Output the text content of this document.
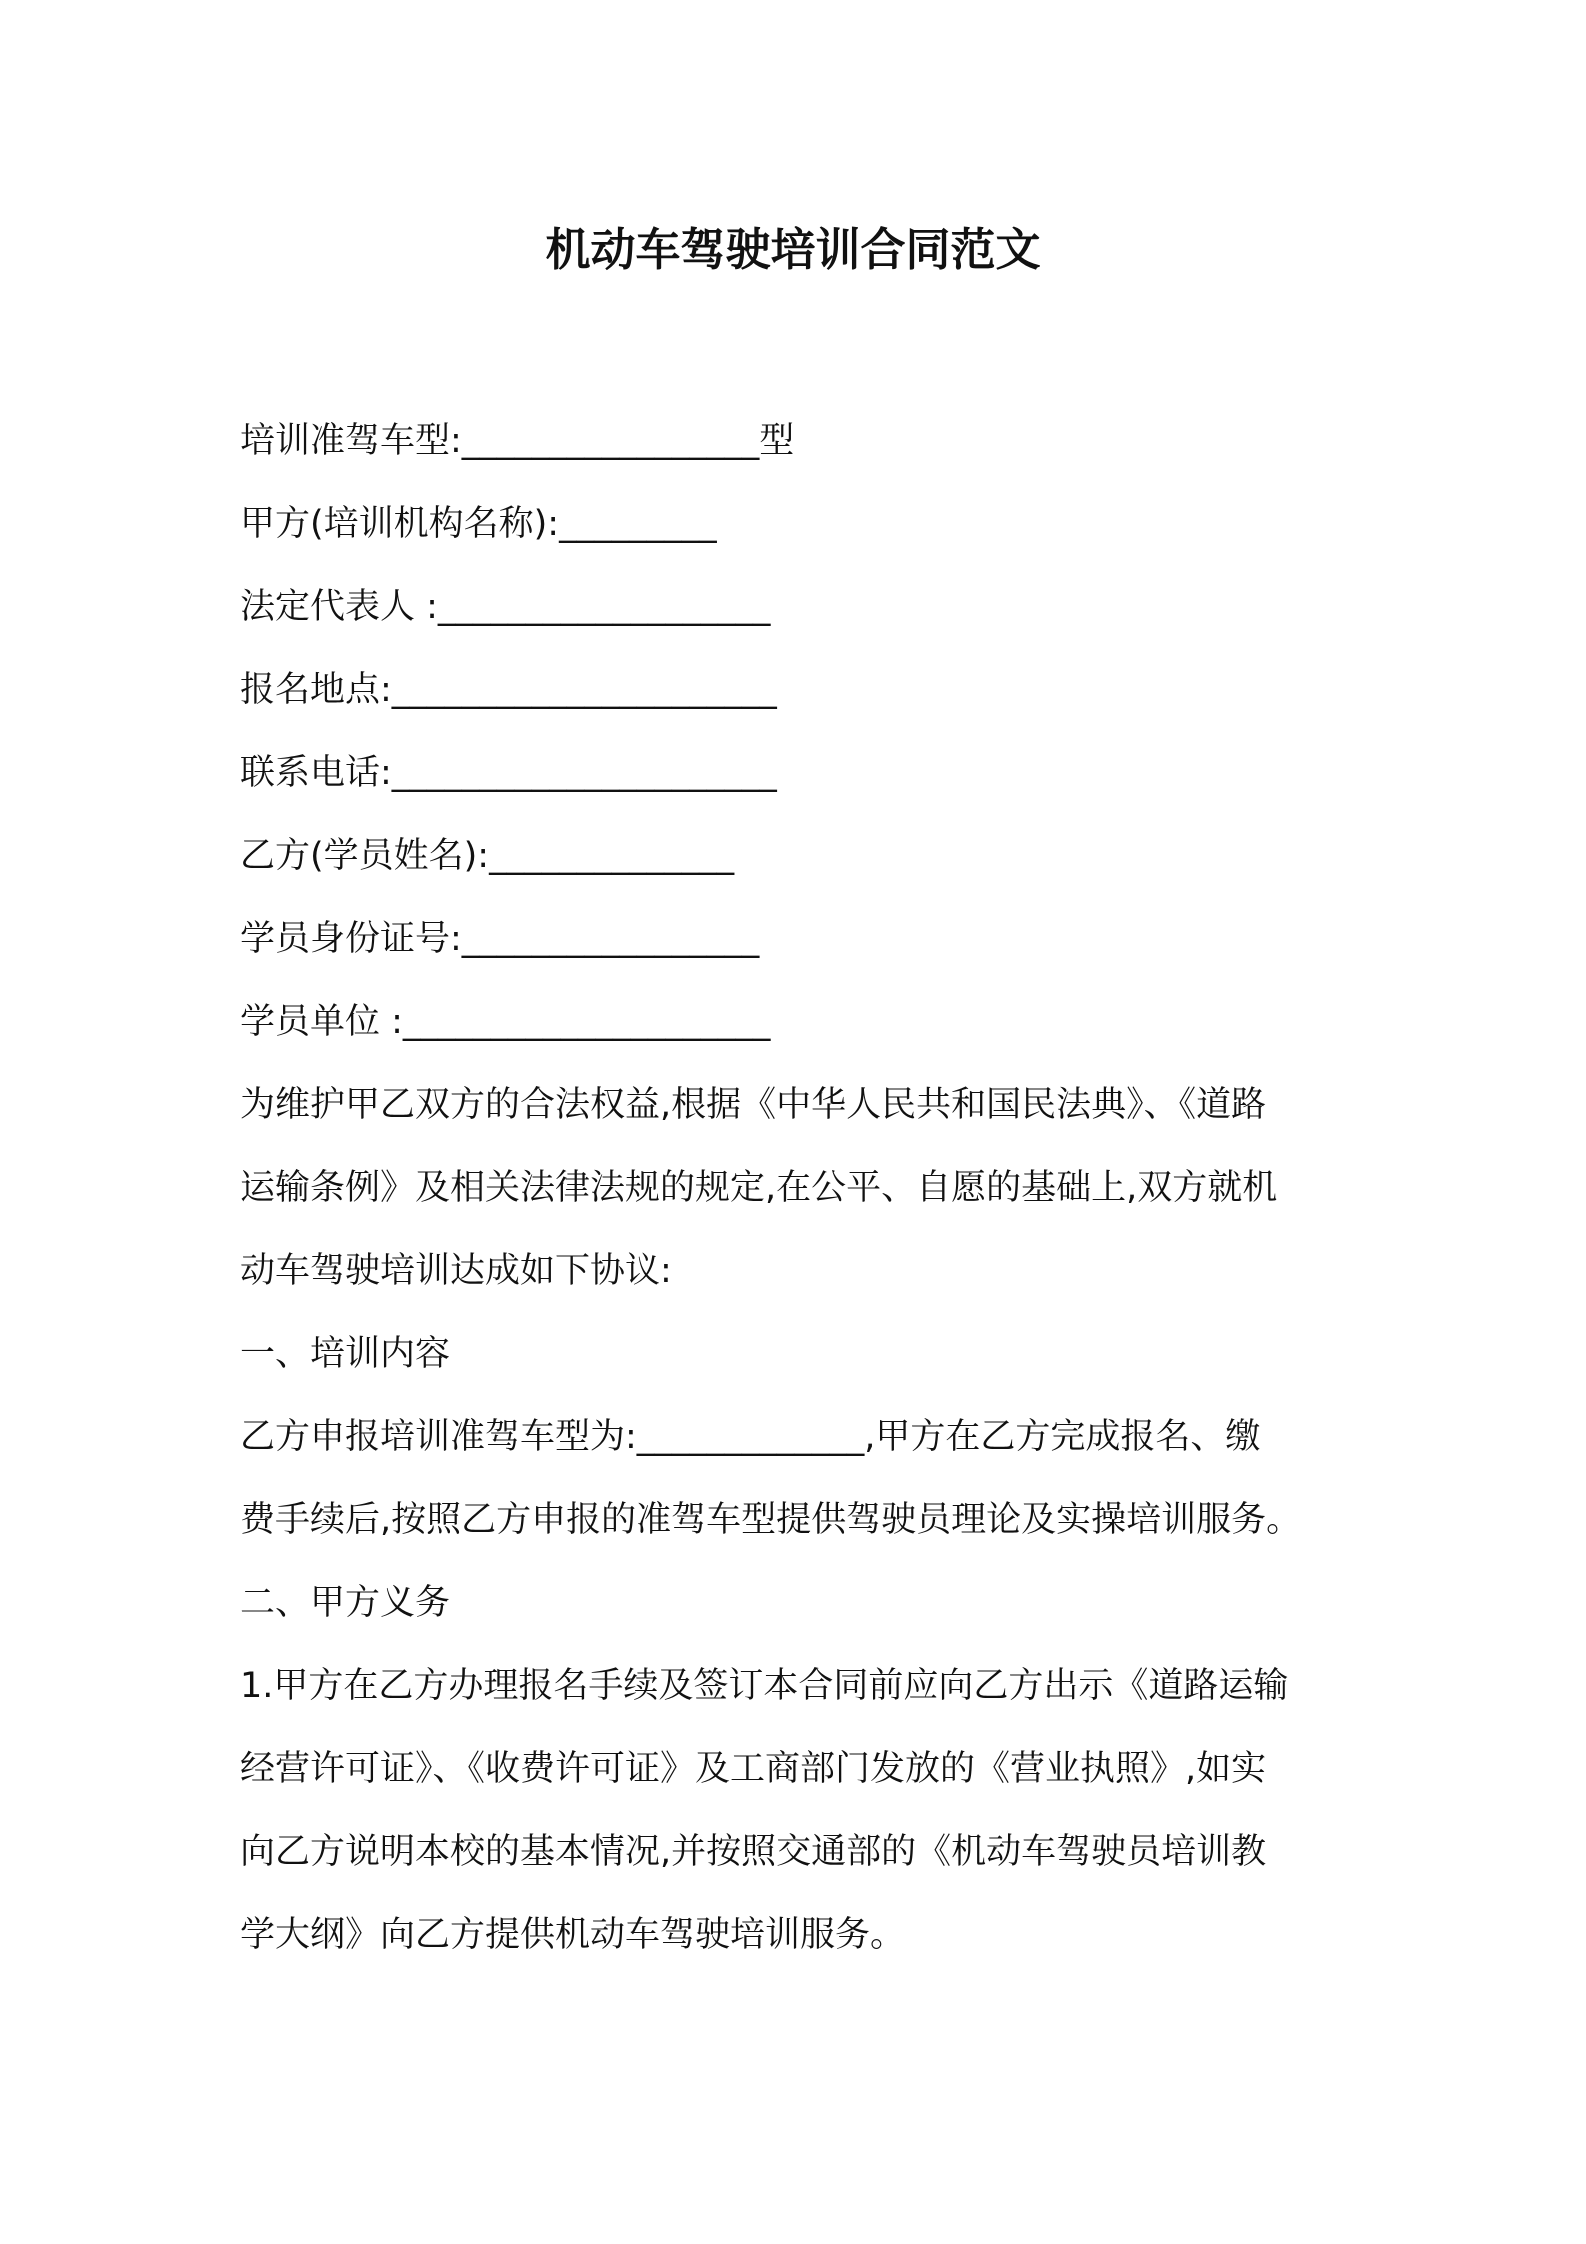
机动车驾驶培训合同范文
培训准驾车型:_________________型
甲方(培训机构名称):_________
法定代表人 :___________________
报名地点:______________________
联系电话:______________________
乙方(学员姓名):______________
学员身份证号:_________________
学员单位 :_____________________
为维护甲乙双方的合法权益,根据《中华人民共和国民法典》、《道路
运输条例》及相关法律法规的规定,在公平、自愿的基础上,双方就机
动车驾驶培训达成如下协议:
一、培训内容
乙方申报培训准驾车型为:_____________,甲方在乙方完成报名、缴
费手续后,按照乙方申报的准驾车型提供驾驶员理论及实操培训服务。
二、甲方义务
1.甲方在乙方办理报名手续及签订本合同前应向乙方出示《道路运输
经营许可证》、《收费许可证》及工商部门发放的《营业执照》,如实
向乙方说明本校的基本情况,并按照交通部的《机动车驾驶员培训教
学大纲》向乙方提供机动车驾驶培训服务。
